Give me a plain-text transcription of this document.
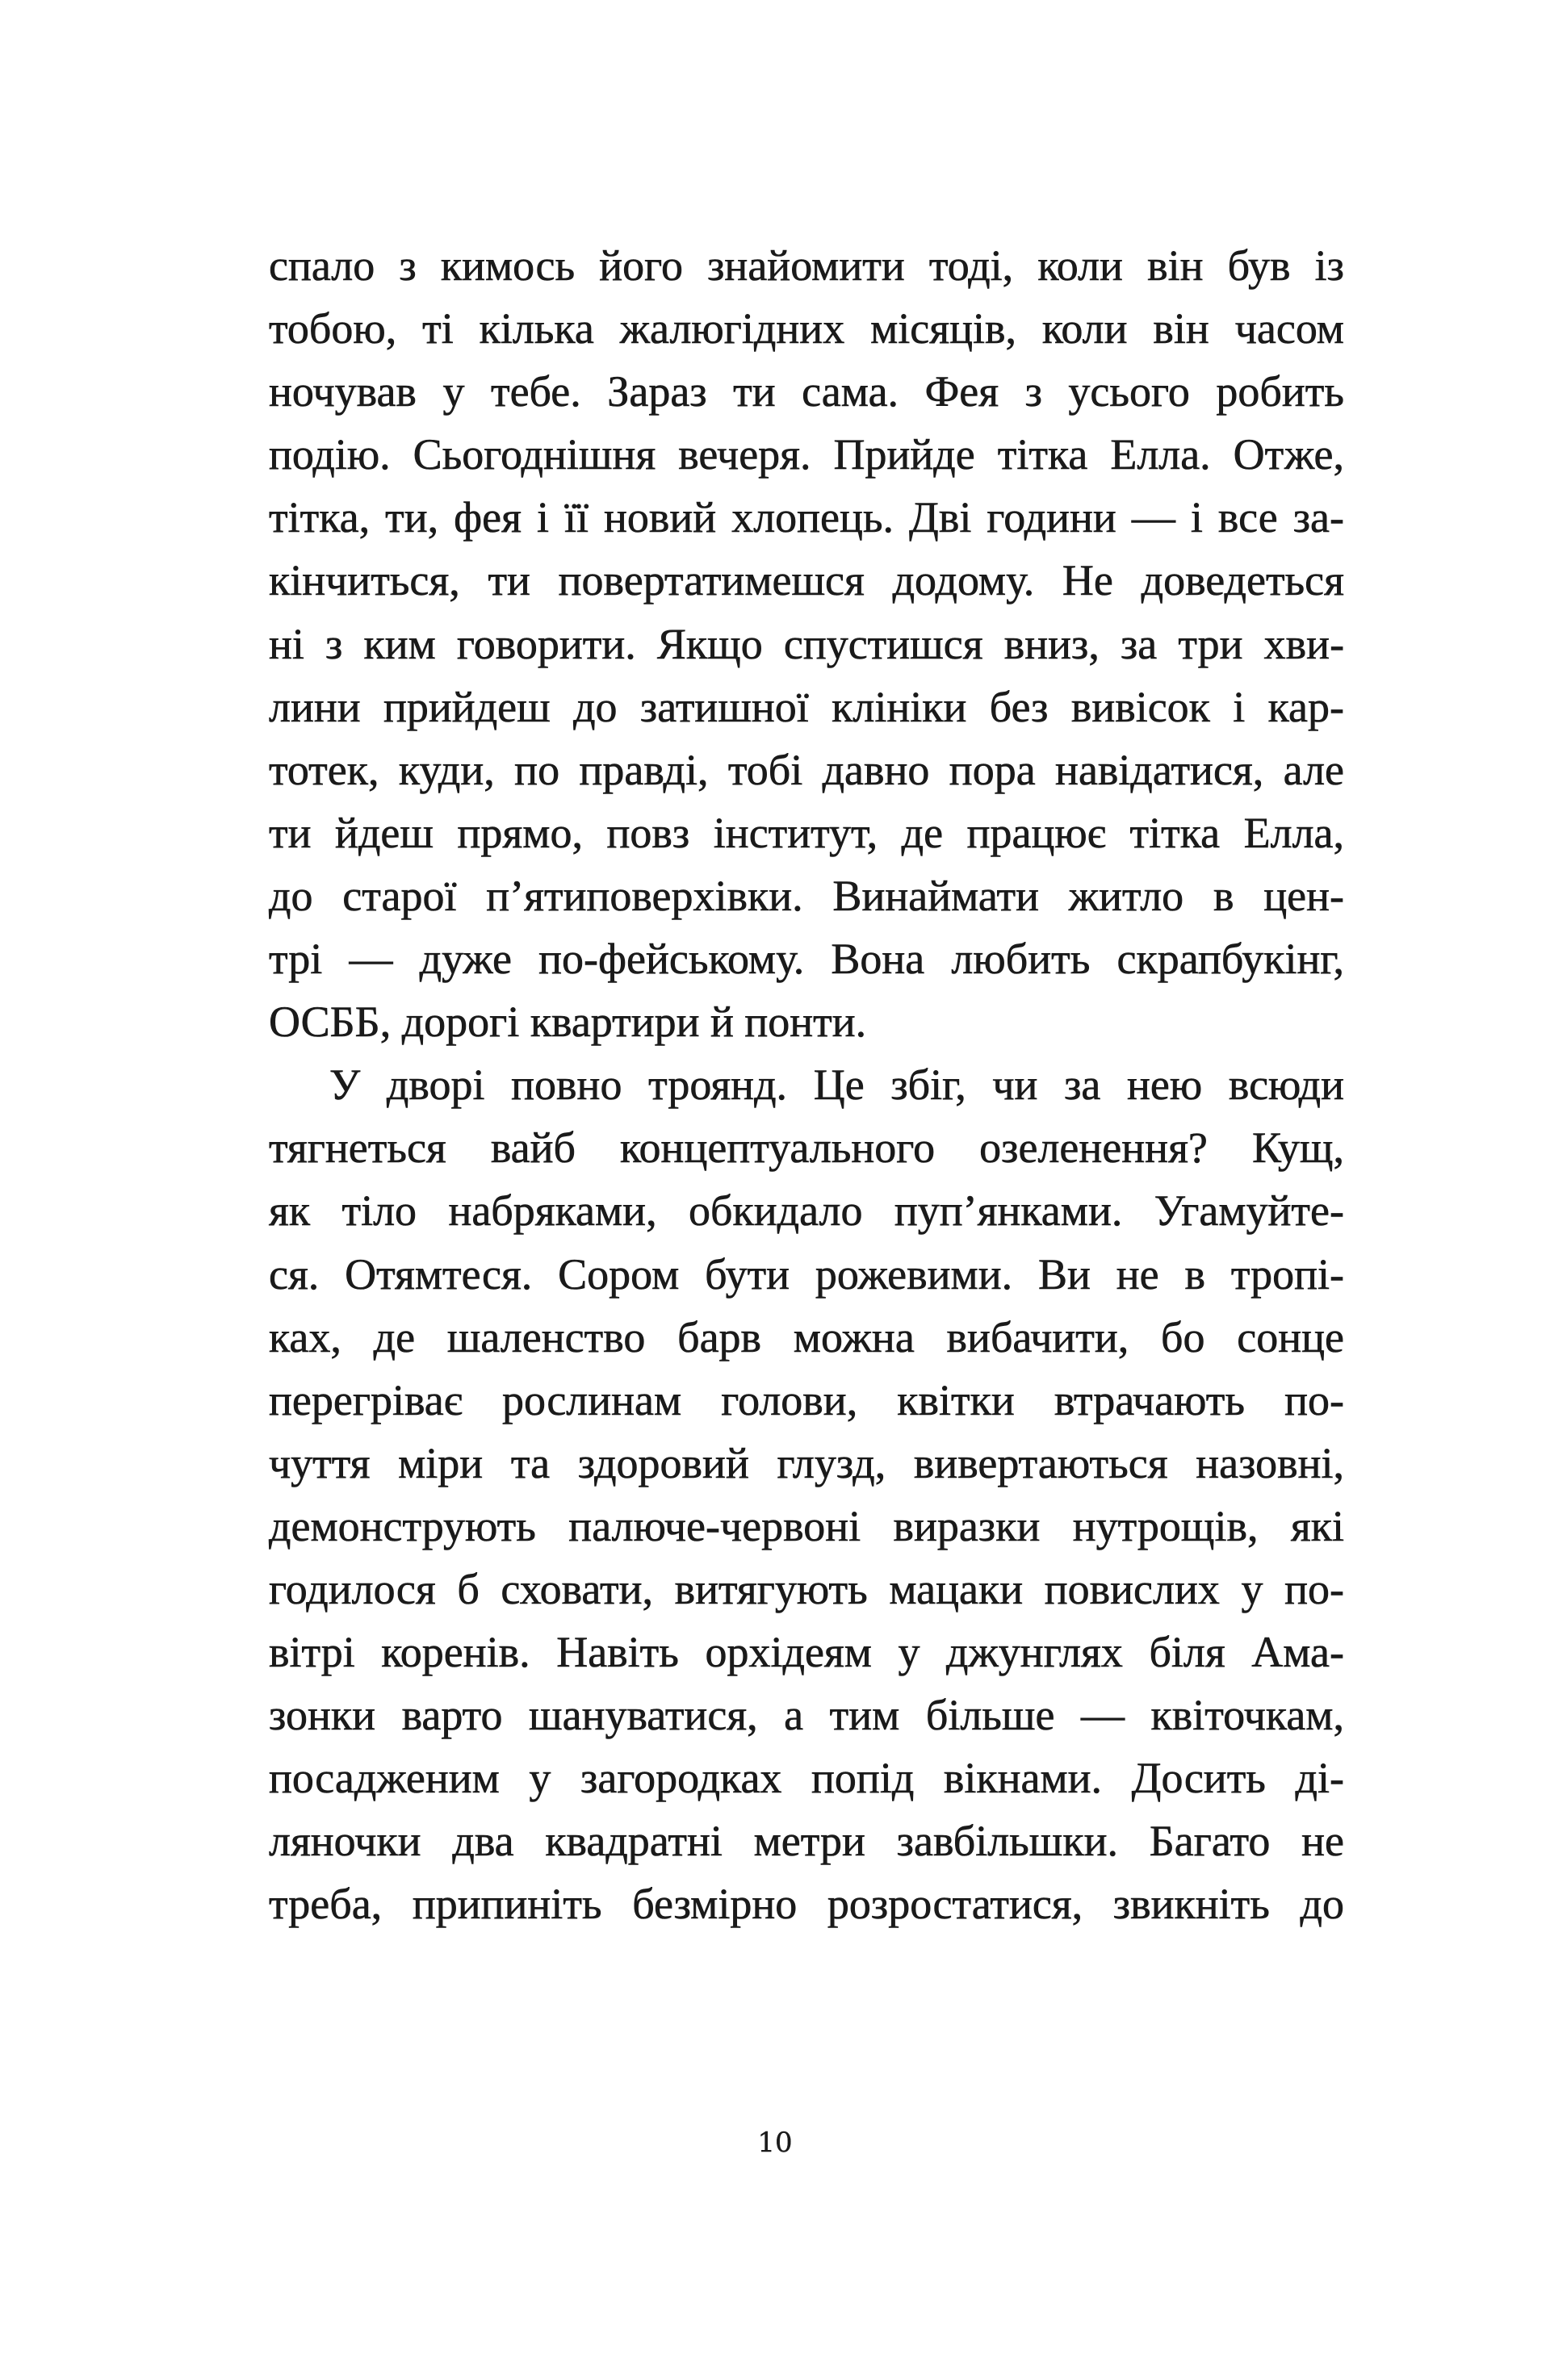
спало з кимось його знайомити тоді, коли він був із
тобою, ті кілька жалюгідних місяців, коли він часом
ночував у тебе. Зараз ти сама. Фея з усього робить
подію. Сьогоднішня вечеря. Прийде тітка Елла. Отже,
тітка, ти, фея і її новий хлопець. Дві години — і все за-
кінчиться, ти повертатимешся додому. Не доведеться
ні з ким говорити. Якщо спустишся вниз, за три хви-
лини прийдеш до затишної клініки без вивісок і кар-
тотек, куди, по правді, тобі давно пора навідатися, але
ти йдеш прямо, повз інститут, де працює тітка Елла,
до старої п’ятиповерхівки. Винаймати житло в цен-
трі — дуже по-фейському. Вона любить скрапбукінг,
ОСББ, дорогі квартири й понти.
У дворі повно троянд. Це збіг, чи за нею всюди
тягнеться вайб концептуального озеленення? Кущ,
як тіло набряками, обкидало пуп’янками. Угамуйте-
ся. Отямтеся. Сором бути рожевими. Ви не в тропі-
ках, де шаленство барв можна вибачити, бо сонце
перегріває рослинам голови, квітки втрачають по-
чуття міри та здоровий глузд, вивертаються назовні,
демонструють палюче-червоні виразки нутрощів, які
годилося б сховати, витягують мацаки повислих у по-
вітрі коренів. Навіть орхідеям у джунглях біля Ама-
зонки варто шануватися, а тим більше — квіточкам,
посадженим у загородках попід вікнами. Досить ді-
ляночки два квадратні метри завбільшки. Багато не
треба, припиніть безмірно розростатися, звикніть до
10
